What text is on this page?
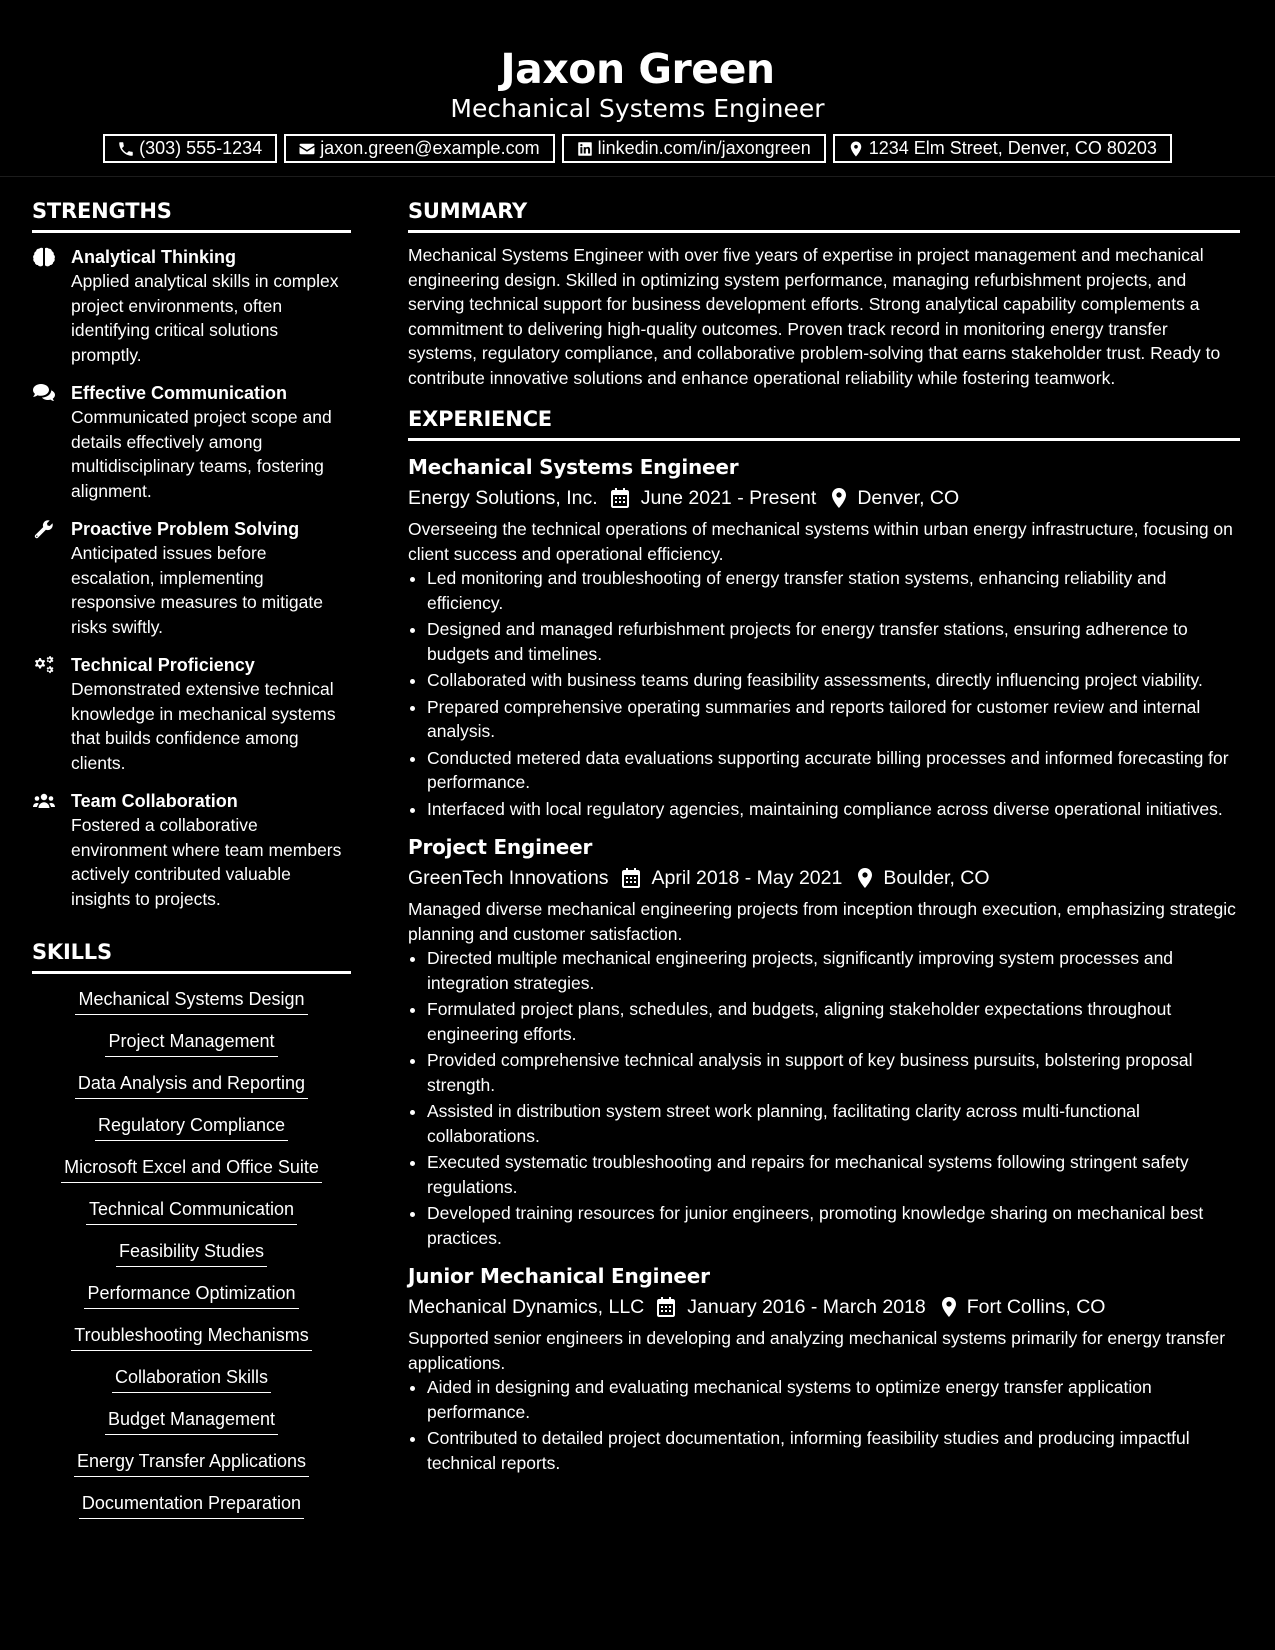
Jaxon Green
Mechanical Systems Engineer
(303) 555-1234	jaxon.green@example.com	linkedin.com/in/jaxongreen	1234 Elm Street, Denver, CO 80203
STRENGTHS
Analytical Thinking
Applied analytical skills in complex project environments, often identifying critical solutions promptly.
Effective Communication
Communicated project scope and details effectively among multidisciplinary teams, fostering alignment.
Proactive Problem Solving
Anticipated issues before escalation, implementing responsive measures to mitigate risks swiftly.
Technical Proficiency
Demonstrated extensive technical knowledge in mechanical systems that builds confidence among clients.
Team Collaboration
Fostered a collaborative environment where team members actively contributed valuable insights to projects.
SKILLS
Mechanical Systems Design
Project Management
Data Analysis and Reporting
Regulatory Compliance
Microsoft Excel and Office Suite
Technical Communication
Feasibility Studies
Performance Optimization
Troubleshooting Mechanisms
Collaboration Skills
Budget Management
Energy Transfer Applications
Documentation Preparation
SUMMARY
Mechanical Systems Engineer with over five years of expertise in project management and mechanical engineering design. Skilled in optimizing system performance, managing refurbishment projects, and serving technical support for business development efforts. Strong analytical capability complements a commitment to delivering high-quality outcomes. Proven track record in monitoring energy transfer systems, regulatory compliance, and collaborative problem-solving that earns stakeholder trust. Ready to contribute innovative solutions and enhance operational reliability while fostering teamwork.
EXPERIENCE
Mechanical Systems Engineer
Energy Solutions, Inc. June 2021 - Present Denver, CO
Overseeing the technical operations of mechanical systems within urban energy infrastructure, focusing on client success and operational efficiency.
• Led monitoring and troubleshooting of energy transfer station systems, enhancing reliability and efficiency.
• Designed and managed refurbishment projects for energy transfer stations, ensuring adherence to budgets and timelines.
• Collaborated with business teams during feasibility assessments, directly influencing project viability.
• Prepared comprehensive operating summaries and reports tailored for customer review and internal analysis.
• Conducted metered data evaluations supporting accurate billing processes and informed forecasting for performance.
• Interfaced with local regulatory agencies, maintaining compliance across diverse operational initiatives.
Project Engineer
GreenTech Innovations April 2018 - May 2021 Boulder, CO
Managed diverse mechanical engineering projects from inception through execution, emphasizing strategic planning and customer satisfaction.
• Directed multiple mechanical engineering projects, significantly improving system processes and integration strategies.
• Formulated project plans, schedules, and budgets, aligning stakeholder expectations throughout engineering efforts.
• Provided comprehensive technical analysis in support of key business pursuits, bolstering proposal strength.
• Assisted in distribution system street work planning, facilitating clarity across multi-functional collaborations.
• Executed systematic troubleshooting and repairs for mechanical systems following stringent safety regulations.
• Developed training resources for junior engineers, promoting knowledge sharing on mechanical best practices.
Junior Mechanical Engineer
Mechanical Dynamics, LLC January 2016 - March 2018 Fort Collins, CO
Supported senior engineers in developing and analyzing mechanical systems primarily for energy transfer applications.
• Aided in designing and evaluating mechanical systems to optimize energy transfer application performance.
• Contributed to detailed project documentation, informing feasibility studies and producing impactful technical reports.
